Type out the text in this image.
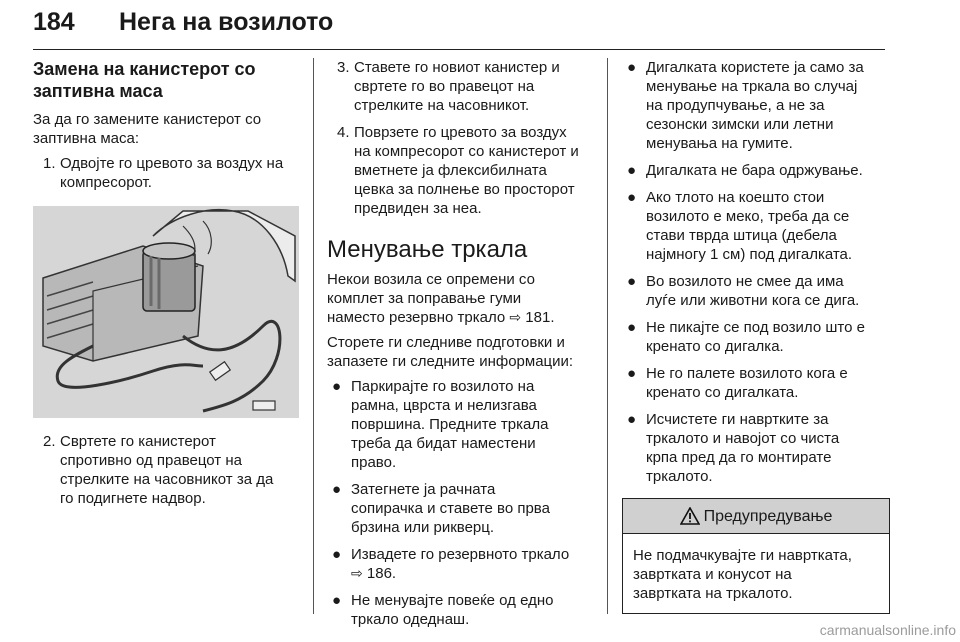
184 Нега на возилото
Замена на канистерот со
заптивна маса

За да го замените канистерот со
заптивна маса:

1. Одвојте го цревото за воздух на
компресорот.
2. Свртете го канистерот
спротивно од правецот на
стрелките на часовникот за да
го подигнете надвор.
3. Ставете го новиот канистер и
свртете го во правецот на
стрелките на часовникот.
4. Поврзете го цревото за воздух
на компресорот со канистерот и
вметнете ја флексибилната
цевка за полнење во просторот
предвиден за неа.
Менување тркала

Некои возила се опремени со
комплет за поправање гуми
наместо резервно тркало ⇨ 181.

Сторете ги следниве подготовки и
запазете ги следните информации:

● Паркирајте го возилото на
рамна, цврста и нелизгава
површина. Предните тркала
треба да бидат наместени
право.
● Затегнете ја рачната
сопирачка и ставете во прва
брзина или рикверц.
● Извадете го резервното тркало
⇨ 186.
● Не менувајте повеќе од едно
тркало одеднаш.
● Дигалката користете ја само за
менување на тркала во случај
на продупчување, а не за
сезонски зимски или летни
менувања на гумите.
● Дигалката не бара одржување.
● Ако тлото на коешто стои
возилото е меко, треба да се
стави тврда штица (дебела
најмногу 1 см) под дигалката.
● Во возилото не смее да има
луѓе или животни кога се дига.
● Не пикајте се под возило што е
кренато со дигалка.
● Не го палете возилото кога е
кренато со дигалката.
● Исчистете ги навртките за
тркалото и навојот со чиста
крпа пред да го монтирате
тркалото.
Предупредување
Не подмачкувајте ги навртката,
завртката и конусот на
завртката на тркалото.
carmanualsonline.info
